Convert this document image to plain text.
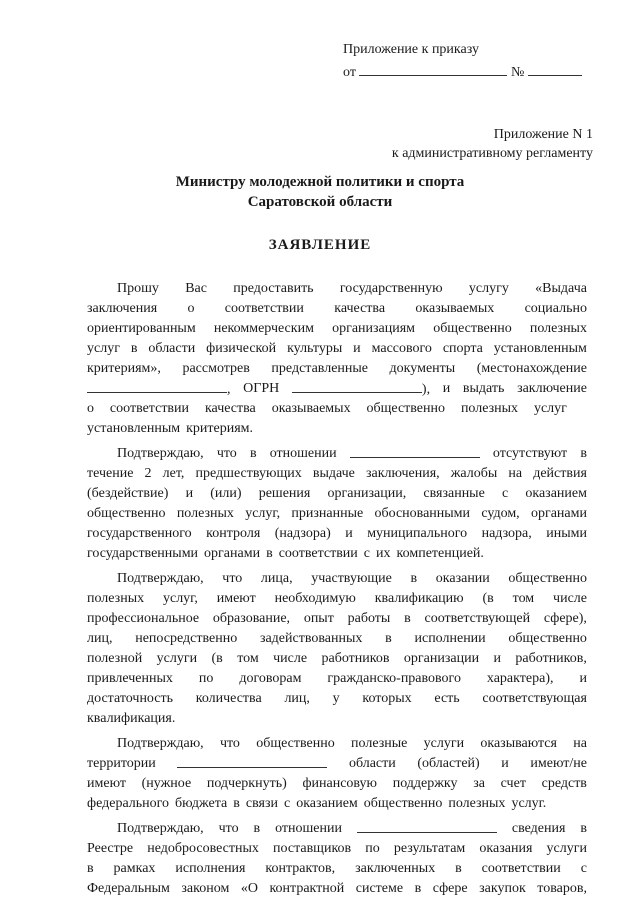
Приложение к приказу
от	№
Приложение N 1
к административному регламенту
Министру молодежной политики и спорта
Саратовской области
ЗАЯВЛЕНИЕ
Прошу Вас предоставить государственную услугу «Выдача
заключения о соответствии качества оказываемых социально
ориентированным некоммерческим организациям общественно полезных
услуг в области физической культуры и массового спорта установленным
критериям», рассмотрев представленные документы (местонахождение
, ОГРН	), и выдать заключение
о соответствии качества оказываемых общественно полезных услуг
установленным критериям.
Подтверждаю, что в отношении	отсутствуют в
течение 2 лет, предшествующих выдаче заключения, жалобы на действия
(бездействие) и (или) решения организации, связанные с оказанием
общественно полезных услуг, признанные обоснованными судом, органами
государственного контроля (надзора) и муниципального надзора, иными
государственными органами в соответствии с их компетенцией.
Подтверждаю, что лица, участвующие в оказании общественно
полезных услуг, имеют необходимую квалификацию (в том числе
профессиональное образование, опыт работы в соответствующей сфере),
лиц, непосредственно задействованных в исполнении общественно
полезной услуги (в том числе работников организации и работников,
привлеченных по договорам гражданско-правового характера), и
достаточность количества лиц, у которых есть соответствующая
квалификация.
Подтверждаю, что общественно полезные услуги оказываются на
территории	области (областей) и имеют/не
имеют (нужное подчеркнуть) финансовую поддержку за счет средств
федерального бюджета в связи с оказанием общественно полезных услуг.
Подтверждаю, что в отношении	сведения в
Реестре недобросовестных поставщиков по результатам оказания услуги
в рамках исполнения контрактов, заключенных в соответствии с
Федеральным законом «О контрактной системе в сфере закупок товаров,
